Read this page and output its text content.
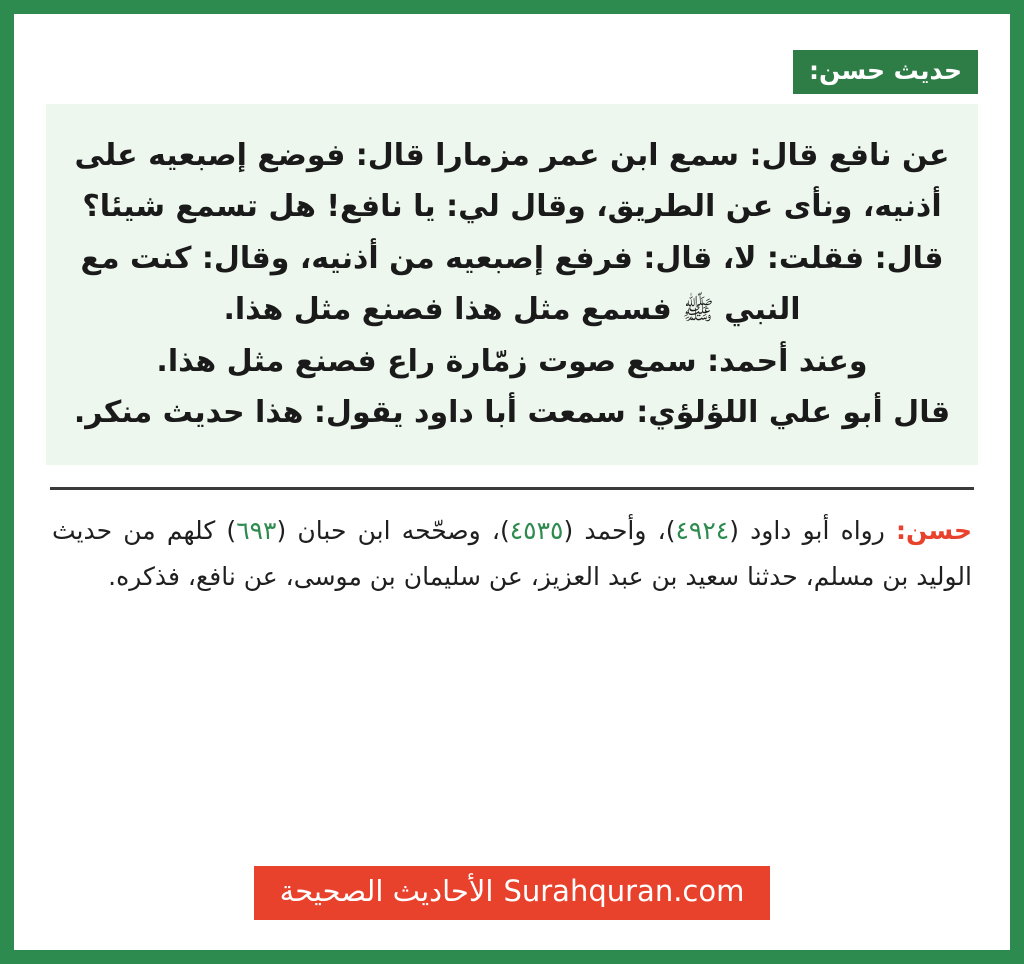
حديث حسن:

عن نافع قال: سمع ابن عمر مزمارا قال: فوضع إصبعيه على أذنيه، ونأى عن الطريق، وقال لي: يا نافع! هل تسمع شيئا؟ قال: فقلت: لا، قال: فرفع إصبعيه من أذنيه، وقال: كنت مع النبي ﷺ فسمع مثل هذا فصنع مثل هذا.
وعند أحمد: سمع صوت زمّارة راع فصنع مثل هذا.
قال أبو علي اللؤلؤي: سمعت أبا داود يقول: هذا حديث منكر.

حسن: رواه أبو داود (٤٩٢٤)، وأحمد (٤٥٣٥)، وصحّحه ابن حبان (٦٩٣) كلهم من حديث الوليد بن مسلم، حدثنا سعيد بن عبد العزيز، عن سليمان بن موسى، عن نافع، فذكره.

Surahquran.com
الأحاديث الصحيحة
